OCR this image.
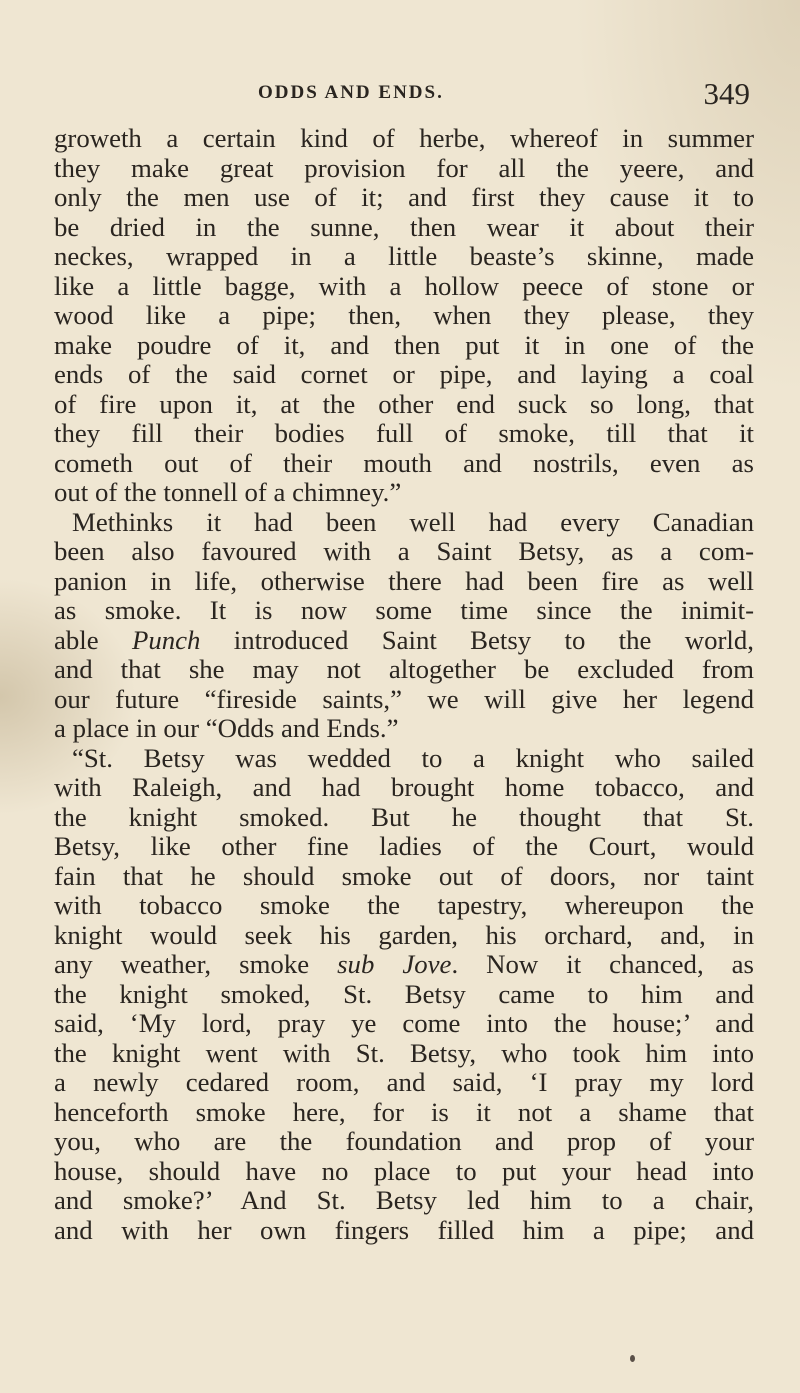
ODDS AND ENDS.	349
groweth a certain kind of herbe, whereof in summer
they make great provision for all the yeere, and
only the men use of it; and first they cause it to
be dried in the sunne, then wear it about their
neckes, wrapped in a little beaste’s skinne, made
like a little bagge, with a hollow peece of stone or
wood like a pipe; then, when they please, they
make poudre of it, and then put it in one of the
ends of the said cornet or pipe, and laying a coal
of fire upon it, at the other end suck so long, that
they fill their bodies full of smoke, till that it
cometh out of their mouth and nostrils, even as
out of the tonnell of a chimney.”
Methinks it had been well had every Canadian
been also favoured with a Saint Betsy, as a com-
panion in life, otherwise there had been fire as well
as smoke. It is now some time since the inimit-
able Punch introduced Saint Betsy to the world,
and that she may not altogether be excluded from
our future “fireside saints,” we will give her legend
a place in our “Odds and Ends.”
“St. Betsy was wedded to a knight who sailed
with Raleigh, and had brought home tobacco, and
the knight smoked. But he thought that St.
Betsy, like other fine ladies of the Court, would
fain that he should smoke out of doors, nor taint
with tobacco smoke the tapestry, whereupon the
knight would seek his garden, his orchard, and, in
any weather, smoke sub Jove. Now it chanced, as
the knight smoked, St. Betsy came to him and
said, ‘My lord, pray ye come into the house;’ and
the knight went with St. Betsy, who took him into
a newly cedared room, and said, ‘I pray my lord
henceforth smoke here, for is it not a shame that
you, who are the foundation and prop of your
house, should have no place to put your head into
and smoke?’ And St. Betsy led him to a chair,
and with her own fingers filled him a pipe; and
